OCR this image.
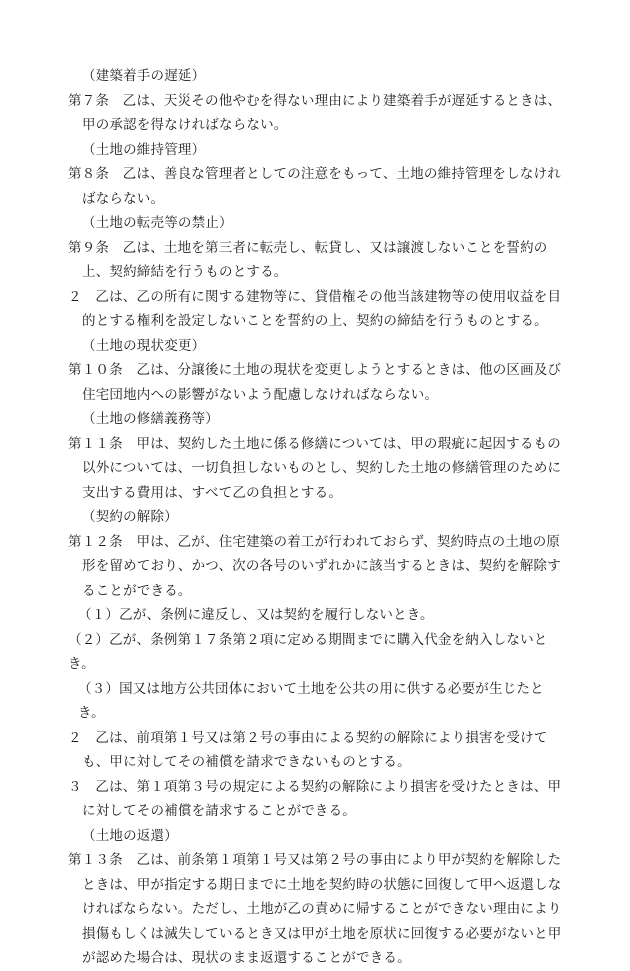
（建築着手の遅延）
第７条　乙は、天災その他やむを得ない理由により建築着手が遅延するときは、甲の承認を得なければならない。
（土地の維持管理）
第８条　乙は、善良な管理者としての注意をもって、土地の維持管理をしなければならない。
（土地の転売等の禁止）
第９条　乙は、土地を第三者に転売し、転貸し、又は譲渡しないことを誓約の上、契約締結を行うものとする。
２　乙は、乙の所有に関する建物等に、貸借権その他当該建物等の使用収益を目的とする権利を設定しないことを誓約の上、契約の締結を行うものとする。
（土地の現状変更）
第１０条　乙は、分譲後に土地の現状を変更しようとするときは、他の区画及び住宅団地内への影響がないよう配慮しなければならない。
（土地の修繕義務等）
第１１条　甲は、契約した土地に係る修繕については、甲の瑕疵に起因するもの以外については、一切負担しないものとし、契約した土地の修繕管理のために支出する費用は、すべて乙の負担とする。
（契約の解除）
第１２条　甲は、乙が、住宅建築の着工が行われておらず、契約時点の土地の原形を留めており、かつ、次の各号のいずれかに該当するときは、契約を解除することができる。
（１）乙が、条例に違反し、又は契約を履行しないとき。
（２）乙が、条例第１７条第２項に定める期間までに購入代金を納入しないとき。
（３）国又は地方公共団体において土地を公共の用に供する必要が生じたとき。
２　乙は、前項第１号又は第２号の事由による契約の解除により損害を受けても、甲に対してその補償を請求できないものとする。
３　乙は、第１項第３号の規定による契約の解除により損害を受けたときは、甲に対してその補償を請求することができる。
（土地の返還）
第１３条　乙は、前条第１項第１号又は第２号の事由により甲が契約を解除したときは、甲が指定する期日までに土地を契約時の状態に回復して甲へ返還しなければならない。ただし、土地が乙の責めに帰することができない理由により損傷もしくは滅失しているとき又は甲が土地を原状に回復する必要がないと甲が認めた場合は、現状のまま返還することができる。
